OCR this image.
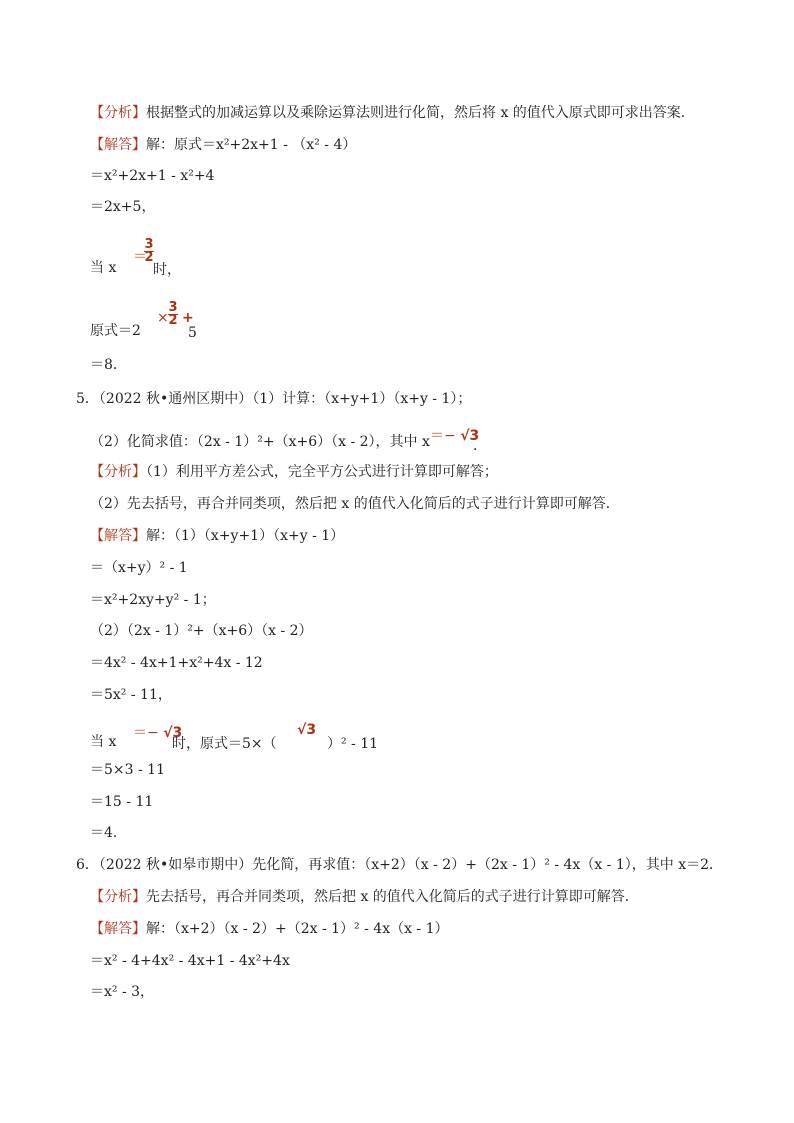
【分析】根据整式的加减运算以及乘除运算法则进行化简，然后将 x 的值代入原式即可求出答案．
【解答】解：原式＝x²+2x+1 - （x² - 4）
＝x²+2x+1 - x²+4
＝2x+5，
当 x
＝
3
2
时，
原式＝2
×
3
2 +
5
＝8．
5．（2022 秋•通州区期中）（1）计算：（x+y+1）（x+y - 1）；
（2）化简求值：（2x - 1）²+（x+6）（x - 2），其中 x ＝− √3
．
【分析】（1）利用平方差公式，完全平方公式进行计算即可解答；
（2）先去括号，再合并同类项，然后把 x 的值代入化简后的式子进行计算即可解答．
【解答】解：（1）（x+y+1）（x+y - 1）
＝（x+y）² - 1
＝x²+2xy+y² - 1；
（2）（2x - 1）²+（x+6）（x - 2）
＝4x² - 4x+1+x²+4x - 12
＝5x² - 11，
当 x
＝− √3
时，原式＝5×（
√3
）² - 11
＝5×3 - 11
＝15 - 11
＝4．
6．（2022 秋•如皋市期中）先化简，再求值：（x+2）（x - 2）+（2x - 1）² - 4x（x - 1），其中 x＝2．
【分析】先去括号，再合并同类项，然后把 x 的值代入化简后的式子进行计算即可解答．
【解答】解：（x+2）（x - 2）+（2x - 1）² - 4x（x - 1）
＝x² - 4+4x² - 4x+1 - 4x²+4x
＝x² - 3，
